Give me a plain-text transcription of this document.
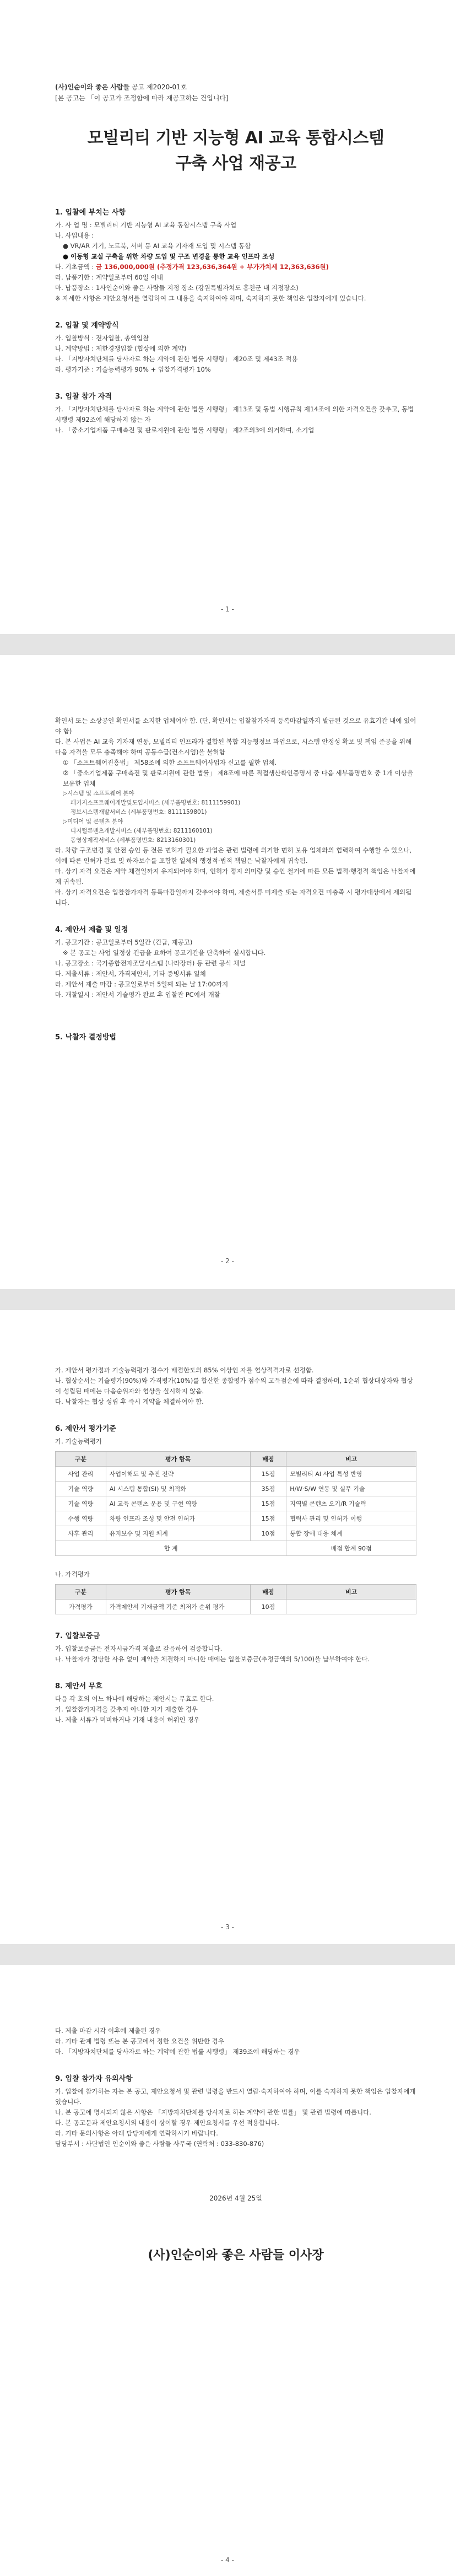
(사)인순이와 좋은 사람들 공고 제2020-01호
[본 공고는 「이 공고가 조정함에 따라 재공고하는 건입니다]
모빌리티 기반 지능형 AI 교육 통합시스템
구축 사업 재공고
1. 입찰에 부치는 사항

가. 사 업 명 : 모빌리티 기반 지능형 AI 교육 통합시스템 구축 사업

나. 사업내용 :

● VR/AR 기기, 노트북, 서버 등 AI 교육 기자재 도입 및 시스템 통합

● 이동형 교실 구축을 위한 차량 도입 및 구조 변경을 통한 교육 인프라 조성

다. 기초금액 : 금 136,000,000원 (추정가격 123,636,364원 + 부가가치세 12,363,636원)

라. 납품기한 : 계약일로부터 60일 이내

마. 납품장소 : 1사인순이와 좋은 사람들 지정 장소 (강원특별자치도 홍천군 내 지정장소)

※ 자세한 사항은 제안요청서를 열람하여 그 내용을 숙지하여야 하며, 숙지하지 못한 책임은 입찰자에게 있습니다.

2. 입찰 및 계약방식

가. 입찰방식 : 전자입찰, 총액입찰

나. 계약방법 : 제한경쟁입찰 (협상에 의한 계약)

다. 「지방자치단체를 당사자로 하는 계약에 관한 법률 시행령」 제20조 및 제43조 적용

라. 평가기준 : 기술능력평가 90% + 입찰가격평가 10%

3. 입찰 참가 자격

가. 「지방자치단체를 당사자로 하는 계약에 관한 법률 시행령」 제13조 및 동법 시행규칙 제14조에 의한 자격요건을 갖추고, 동법 시행령 제92조에 해당하지 않는 자

나. 「중소기업제품 구매촉진 및 판로지원에 관한 법률 시행령」 제2조의3에 의거하여, 소기업

- 1 -

확인서 또는 소상공인 확인서를 소지한 업체여야 함. (단, 확인서는 입찰참가자격 등록마감일까지 발급된 것으로 유효기간 내에 있어야 함)

다. 본 사업은 AI 교육 기자재 연동, 모빌리티 인프라가 결합된 복합 지능형정보 과업으로, 시스템 안정성 확보 및 책임 준공을 위해 다음 자격을 모두 충족해야 하며 공동수급(컨소시엄)을 불허함

① 「소프트웨어진흥법」 제58조에 의한 소프트웨어사업자 신고를 필한 업체.

② 「중소기업제품 구매촉진 및 판로지원에 관한 법률」 제8조에 따른 직접생산확인증명서 중 다음 세부품명번호 중 1개 이상을 보유한 업체

▷시스템 및 소프트웨어 분야

패키지소프트웨어개발및도입서비스 (세부품명번호: 8111159901)

정보시스템개발서비스 (세부품명번호: 8111159801)

▷미디어 및 콘텐츠 분야

디지털콘텐츠개발서비스 (세부품명번호: 8211160101)

동영상제작서비스 (세부품명번호: 8213160301)

라. 차량 구조변경 및 안전 승인 등 전문 면허가 필요한 과업은 관련 법령에 의거한 면허 보유 업체와의 협력하여 수행할 수 있으나, 이에 따른 인허가 완료 및 하자보수를 포함한 일체의 행정적·법적 책임은 낙찰자에게 귀속됨.

마. 상기 자격 요건은 계약 체결일까지 유지되어야 하며, 인허가 정지 의미랑 및 승인 철거에 따른 모든 법적·행정적 책임은 낙찰자에게 귀속됨.

바. 상기 자격요건은 입찰참가자격 등록마감일까지 갖추어야 하며, 제출서류 미제출 또는 자격요건 미충족 시 평가대상에서 제외됩니다.

4. 제안서 제출 및 일정

가. 공고기간 : 공고일로부터 5일간 (긴급, 재공고)

※ 본 공고는 사업 일정상 긴급을 요하여 공고기간을 단축하여 실시합니다.

나. 공고장소 : 국가종합전자조달시스템 (나라장터) 등 관련 공식 채널

다. 제출서류 : 제안서, 가격제안서, 기타 증빙서류 일체

라. 제안서 제출 마감 : 공고일로부터 5일째 되는 날 17:00까지

마. 개찰일시 : 제안서 기술평가 완료 후 입찰관 PC에서 개찰

5. 낙찰자 결정방법
- 2 -

가. 제안서 평가점과 기술능력평가 점수가 배점한도의 85% 이상인 자를 협상적격자로 선정함.

나. 협상순서는 기술평가(90%)와 가격평가(10%)를 합산한 종합평가 점수의 고득점순에 따라 결정하며, 1순위 협상대상자와 협상이 성립된 때에는 다음순위자와 협상을 실시하지 않음.

다. 낙찰자는 협상 성립 후 즉시 계약을 체결하여야 함.

6. 제안서 평가기준

가. 기술능력평가

구분	평가 항목	배점	비고
사업 관리	사업이해도 및 추진 전략	15점	모빌리티 AI 사업 특성 반영
기술 역량	AI 시스템 통합(SI) 및 최적화	35점	H/W·S/W 연동 및 실무 기술
기술 역량	AI 교육 콘텐츠 운용 및 구현 역량	15점	지역별 콘텐츠 오기/R 기술력
수행 역량	차량 인프라 조성 및 안전 인허가	15점	협력사 관리 및 인허가 이행
사후 관리	유지보수 및 지원 체계	10점	통합 장애 대응 체계
합 계			배점 합계 90점

나. 가격평가

구분	평가 항목	배점	비고
가격평가	가격제안서 기재금액 기준 최저가 순위 평가	10점	
7. 입찰보증금

가. 입찰보증금은 전자시금가격 제출로 갈음하여 검증합니다.

나. 낙찰자가 정당한 사유 없이 계약을 체결하지 아니한 때에는 입찰보증금(추정금액의 5/100)을 납부하여야 한다.

8. 제안서 무효

다음 각 호의 어느 하나에 해당하는 제안서는 무효로 한다.

가. 입찰참가자격을 갖추지 아니한 자가 제출한 경우

나. 제출 서류가 미비하거나 기재 내용이 허위인 경우

- 3 -

다. 제출 마감 시각 이후에 제출된 경우

라. 기타 관계 법령 또는 본 공고에서 정한 요건을 위반한 경우

마. 「지방자치단체를 당사자로 하는 계약에 관한 법률 시행령」 제39조에 해당하는 경우

9. 입찰 참가자 유의사항

가. 입찰에 참가하는 자는 본 공고, 제안요청서 및 관련 법령을 반드시 열람·숙지하여야 하며, 이를 숙지하지 못한 책임은 입찰자에게 있습니다.

나. 본 공고에 명시되지 않은 사항은 「지방자치단체를 당사자로 하는 계약에 관한 법률」 및 관련 법령에 따릅니다.

다. 본 공고문과 제안요청서의 내용이 상이할 경우 제안요청서를 우선 적용합니다.

라. 기타 문의사항은 아래 담당자에게 연락하시기 바랍니다.

담당부서 : 사단법인 인순이와 좋은 사람들 사무국 (연락처 : 033-830-876)

2026년 4월 25일
(사)인순이와 좋은 사람들 이사장
- 4 -
